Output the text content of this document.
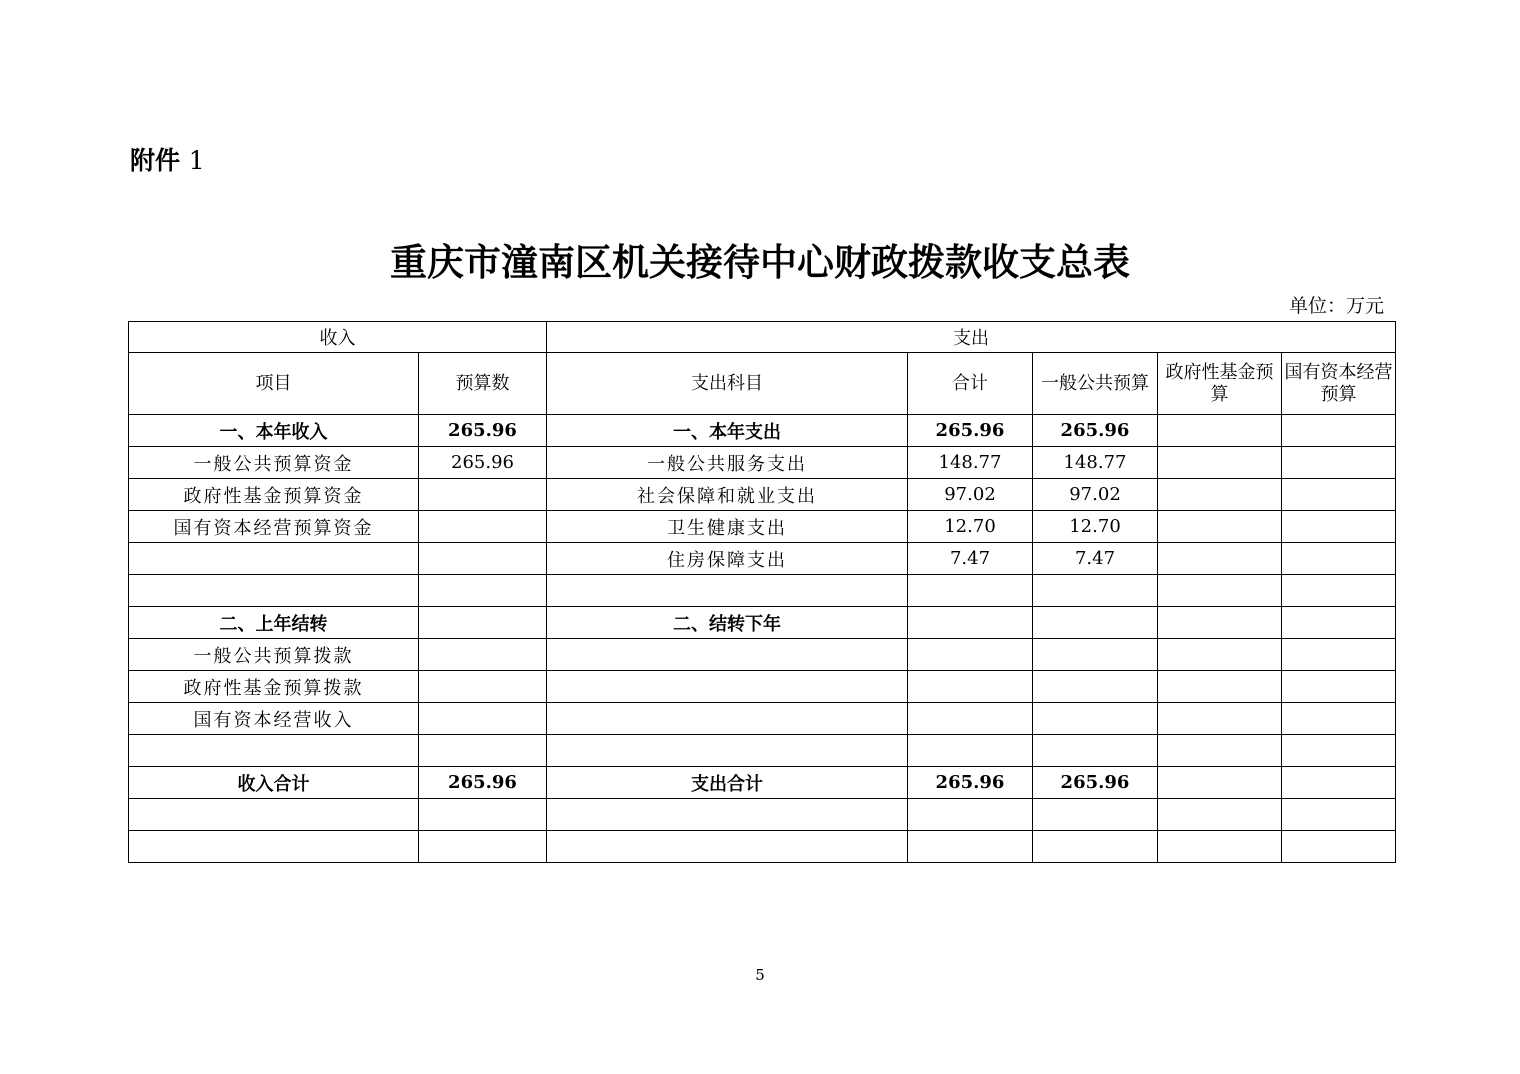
附件 1
重庆市潼南区机关接待中心财政拨款收支总表
单位：万元
收入		支出				
项目	预算数	支出科目	合计	一般公共预算	政府性基金预算	国有资本经营预算
一、本年收入	265.96	一、本年支出	265.96	265.96		
一般公共预算资金	265.96	一般公共服务支出	148.77	148.77		
政府性基金预算资金		社会保障和就业支出	97.02	97.02		
国有资本经营预算资金		卫生健康支出	12.70	12.70		
		住房保障支出	7.47	7.47		

二、上年结转		二、结转下年				
一般公共预算拨款						
政府性基金预算拨款						
国有资本经营收入						

收入合计	265.96	支出合计	265.96	265.96		

5
